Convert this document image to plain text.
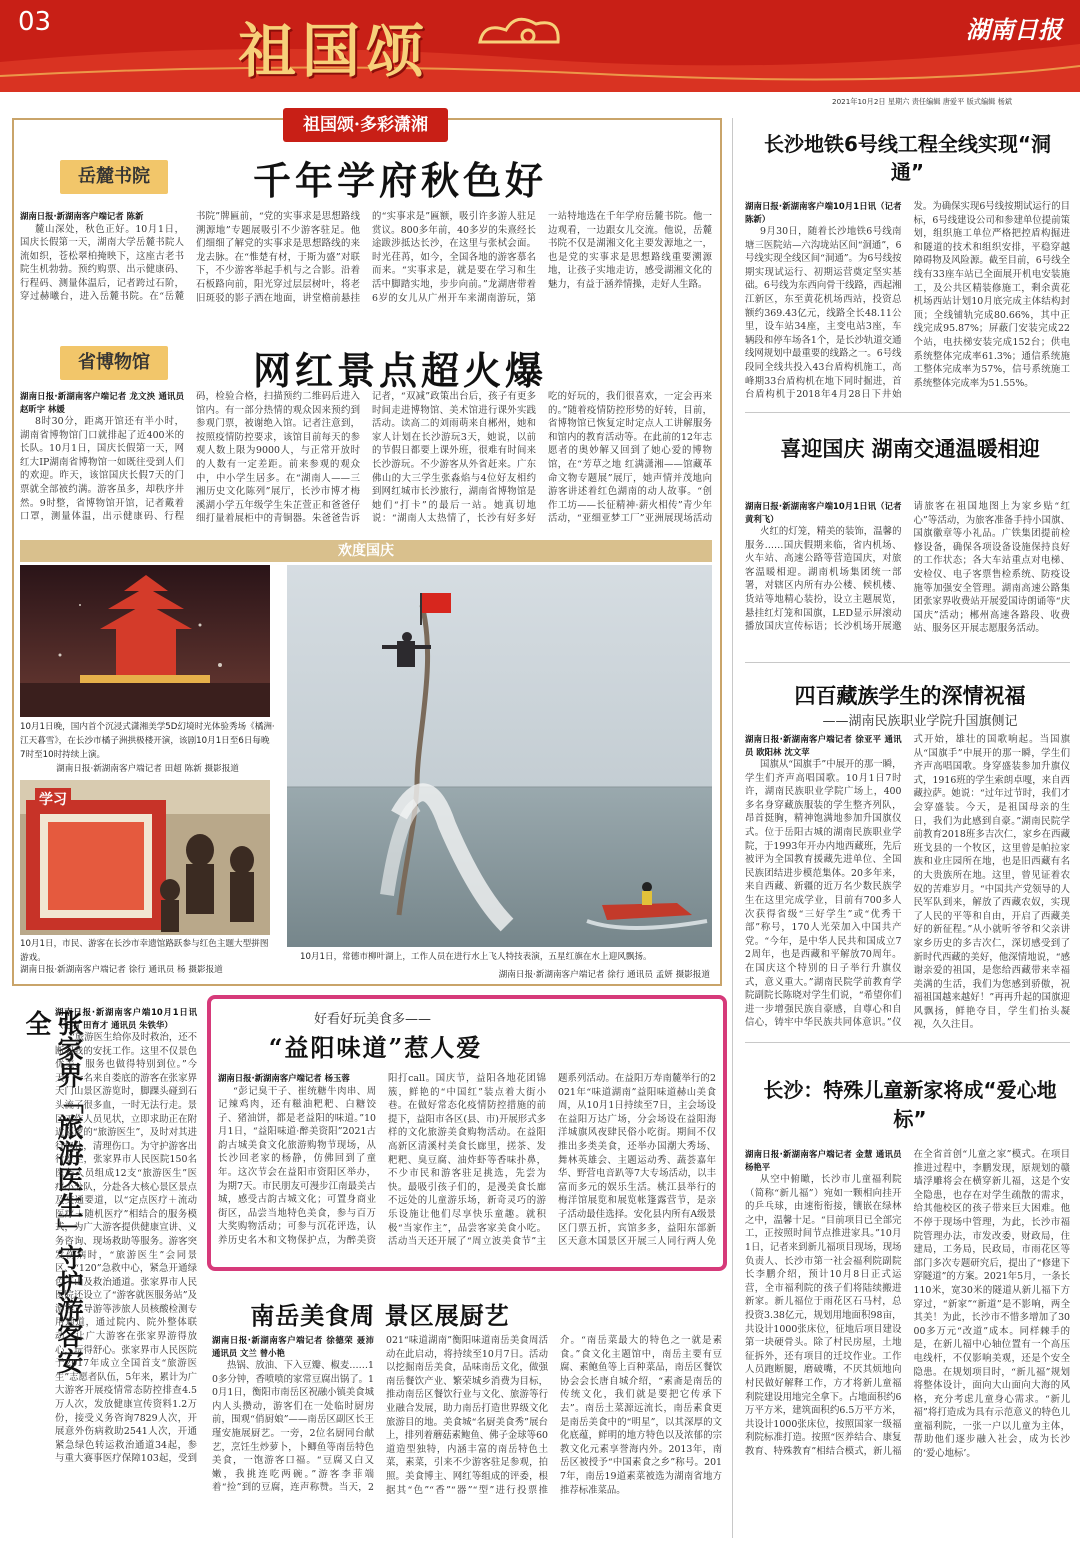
03	祖国颂	湖南日报
2021年10月2日 星期六 责任编辑 唐爱平 版式编辑 杨斌
祖国颂·多彩潇湘
岳麓书院	千年学府秋色好
湖南日报·新湖南客户端记者 陈新

麓山深处，秋色正好。10月1日，国庆长假第一天，湖南大学岳麓书院人流如织，苍松翠柏掩映下，这座古老书院生机勃勃。预约购票、出示健康码、行程码、测量体温后，记者跨过石阶，穿过赫曦台，进入岳麓书院。在“岳麓书院”牌匾前，“党的实事求是思想路线溯源地”专题展吸引不少游客驻足。他们细细了解党的实事求是思想路线的来龙去脉。在“惟楚有材，于斯为盛”对联下，不少游客举起手机与之合影。沿着石板路向前，阳光穿过层层树叶，将老旧斑驳的影子洒在地面，讲堂檐前悬挂的“实事求是”匾额，吸引许多游人驻足赏议。800多年前，40多岁的朱熹经长途跋涉抵达长沙，在这里与张栻会面。时光荏苒，如今，全国各地的游客慕名而来。“实事求是，就是要在学习和生活中脚踏实地，步步向前。”龙湖唐带着6岁的女儿从广州开车来湖南游玩，第一站特地选在千年学府岳麓书院。他一边观看，一边跟女儿交流。他说，岳麓书院不仅是湖湘文化主要发源地之一，也是党的实事求是思想路线重要溯源地，让孩子实地走访，感受湖湘文化的魅力，有益于涵养情操，走好人生路。

省博物馆	网红景点超火爆
湖南日报·新湖南客户端记者 龙文泱 通讯员 赵昕宇 林媛

8时30分，距离开馆还有半小时，湖南省博物馆门口就排起了近400米的长队。10月1日，国庆长假第一天，网红大IP湖南省博物馆一如既往受到人们的欢迎。昨天，该馆国庆长假7天的门票就全部被约满。游客虽多，却秩序井然。9时整，省博物馆开馆，记者戴着口罩，测量体温，出示健康码、行程码，检验合格，扫描预约二维码后进入馆内。有一部分热情的观众因来预约到参观门票，被谢绝入馆。记者注意到，按照疫情防控要求，该馆目前每天的参观人数上限为9000人，与正常开放时的人数有一定差距。前来参观的观众中，中小学生居多。在“湖南人——三湘历史文化陈列”展厅，长沙市博才梅溪湖小学五年级学生朱芷萱正和爸爸仔细打量着展柜中的青铜器。朱爸爸告诉记者，“双减”政策出台后，孩子有更多时间走进博物馆、美术馆进行课外实践活动。读高二的刘雨萌来自郴州，她和家人计划在长沙游玩3天，她说，以前的节假日都要上课外班，很难有时间来长沙游玩。不少游客从外省赶来。广东佛山的大三学生张淼焰与4位好友相约到网红城市长沙旅行，湖南省博物馆是她们“打卡”的最后一站。她真切地说：“湖南人太热情了，长沙有好多好吃的好玩的，我们很喜欢，一定会再来的。”随着疫情防控形势的好转，目前，省博物馆已恢复定时定点人工讲解服务和馆内的教育活动等。在此前的12年志愿者的奥妙解又回到了她心爱的博物馆，在“芳草之地 红满潇湘——馆藏革命文物专题展”展厅，她声情并茂地向游客讲述着红色湖南的动人故事。“创作工坊——长征精神·薪火相传”青少年活动，“亚细亚梦工厂”亚洲展现场活动

欢度国庆
10月1日晚，国内首个沉浸式潇湘美学5D幻境时光体验秀场《橘洲·江天暮雪》，在长沙市橘子洲拱极楼开演，该剧10月1日至6日每晚7时至10时持续上演。
湖南日报·新湖南客户端记者 田超 陈新 摄影报道
学习
10月1日，市民、游客在长沙市幸遗馆路跃参与红色主题大型拼图游戏。
湖南日报·新湖南客户端记者 徐行 通讯员 杨 摄影报道
10月1日，常德市柳叶湖上，工作人员在进行水上飞人特技表演，五星红旗在水上迎风飘扬。
湖南日报·新湖南客户端记者 徐行 通讯员 孟妍 摄影报道
张家界「旅游医生」守护游客安全 湖南日报·新湖南客户端10月1日讯（记者 田育才 通讯员 朱铁华）

“旅游医生给你及时救治，还不断叙我的安抚工作。这里不仅景色优美，服务也做得特别到位。”今天，一名来自娄底的游客在张家界天门山景区游览时，脚踝头碰到石头流了很多血，一时无法行走。景区工作人员见状，立即求助正在附近巡逻的“旅游医生”，及时对其进行包扎，清理伤口。为守护游客出行安全，张家界市人民医院150名医务人员组成12支“旅游医生”医疗小分队，分赴各大核心景区景点及交通要道，以“定点医疗＋流动医疗＋随机医疗”相结合的服务模式，为广大游客提供健康宣讲、义务咨询、现场救助等服务。游客突发伤病时，“旅游医生”会同景区、“120”急救中心，紧急开通绿色下山及救治通道。张家界市人民医院还设立了“游客就医服务站”及游客、导游等涉旅人员核酸检测专用通道，通过院内、院外整体联动，让广大游客在张家界游得放心，玩得舒心。张家界市人民医院于2017年成立全国首支“旅游医生”志愿者队伍，5年来，累计为广大游客开展疫情常态防控排查4.5万人次，发放健康宣传资料1.2万份，接受义务咨询7829人次，开展意外伤病救助2541人次，开通紧急绿色转运救治通道34起，参与重大赛事医疗保障103起，受到

好看好玩美食多——
“益阳味道”惹人爱
湖南日报·新湖南客户端记者 杨玉蓉

“彭记臭干子、崔统糖牛肉串、周记辣鸡肉，还有糍油粑粑、白糖饺子、猪油饼，都是老益阳的味道。”10月1日，“益阳味道·醉美资阳”2021古韵古城美食文化旅游购物节现场，从长沙回老家的杨静，仿佛回到了童年。这次节会在益阳市资阳区举办，为期7天。市民朋友可漫步江南最美古城，感受古韵古城文化；可置身商业街区，品尝当地特色美食，参与百万大奖购物活动；可参与沉花评选，认养历史名木和文物保护点，为醉美资阳打call。国庆节，益阳各地花团锦簇，鲜艳的“中国红”装点着大街小巷。在做好常态化疫情防控措施的前提下，益阳市各区(县、市)开展形式多样的文化旅游美食购物活动。在益阳高新区清溪村美食长廊里，搓茶、发粑粑、臭豆腐、油炸虾等香味扑鼻，不少市民和游客驻足挑选，先尝为快。最吸引孩子们的，是漫美食长廊不远处的儿童游乐场，新奇灵巧的游乐设施让他们尽享快乐童趣。就积极“当家作主”，品尝客家美食小吃。活动当天还开展了“周立波美食节”主题系列活动。在益阳万寿南麓举行的2021年“味道湖南”益阳味道赫山美食周，从10月1日持续至7日，主会场设在益阳万达广场，分会场设在益阳海洋城旗风夜肆民俗小吃街。期间不仅推出多类美食，还举办国潮大秀场、舞林英雄会、主题运动秀、蔬荟嘉年华、野营电音趴等7大专场活动，以丰富而多元的娱乐生活。桃江县举行的梅洋馆展览和展览帐篷露营节，是亲子活动最佳选择。安化县内所有A级景区门票五折，宾馆多多，益阳东部新区天意木国景区开展三人同行两人免

南岳美食周 景区展厨艺
湖南日报·新湖南客户端记者 徐德荣 聂沛 通讯员 文兰 曾小艳

热锅、放油、下入豆瓣、椒麦……10多分钟，香喷喷的家常豆腐出锅了。10月1日，衡阳市南岳区祝融小镇美食城内人头攒动，游客们在一处临时厨房前，围观“俏厨娘”——南岳区副区长王瑾安施展厨艺。一旁，2位名厨同台献艺，烹饪生炒萝卜，卜鲫鱼等南岳特色美食，一饱游客口福。“豆腐又白又嫩，我挑连吃两碗。”游客李菲端着“捡”到的豆腐，连声称赞。当天，2021“味道湖南”衡阳味道南岳美食周活动在此启动，将持续至10月7日。活动以挖掘南岳美食，品味南岳文化，做强南岳餐饮产业、繁荣城乡消费为目标，推动南岳区餐饮行业与文化、旅游等行业融合发展，助力南岳打造世界级文化旅游目的地。美食城“名厨美食秀”展台上，排列着蘑菇素鲍鱼、佛子金球等60道造型独特，内涵丰富的南岳特色土菜，素菜，引来不少游客驻足参观，拍照。美食博主、网红等组成的评委，根据其“色”“香”“器”“型”进行投票推介。“南岳菜最大的特色之一就是素食。”食文化主题馆中，南岳主要有豆腐、素鲍鱼等上百种菜品，南岳区餐饮协会会长唐自城介绍，“素斋是南岳的传统文化，我们就是要把它传承下去”。南岳土菜源远流长，南岳素食更是南岳美食中的“明星”，以其深厚的文化底蕴，鲜明的地方特色以及浓郁的宗教文化元素享誉海内外。2013年，南岳区被授予“中国素食之乡”称号。2017年，南岳19道素菜被选为湖南省地方推荐标准菜品。

长沙地铁6号线工程全线实现“洞通”
湖南日报·新湖南客户端10月1日讯（记者 陈新）

9月30日，随着长沙地铁6号线南塘三医院站—六沟垅站区间“洞通”，6号线实现全线区间“洞通”。为6号线按期实现试运行、初期运营奠定坚实基础。6号线为东西向骨干线路，西起湘江新区，东至黄花机场西站，投资总额约369.43亿元，线路全长48.11公里，设车站34座，主变电站3座，车辆段和停车场各1个，是长沙轨道交通线网规划中最重要的线路之一。6号线段同全线共投入43台盾构机施工，高峰期33台盾构机在地下同时掘进，首台盾构机于2018年4月28日下井始发。为确保实现6号线按期试运行的目标，6号线建设公司和参建单位提前策划，组织施工单位严格把控盾构掘进和隧道的技术和组织安排，平稳穿越障碍物及风险源。截至目前，6号线全线有33座车站已全面展开机电安装施工，及公共区精装修施工，剩余黄花机场西站计划10月底完成主体结构封顶；全线铺轨完成80.66%，其中正线完成95.87%；屏蔽门安装完成22个站，电扶梯安装完成152台；供电系统整体完成率61.3%；通信系统施工整体完成率为57%，信号系统施工系统整体完成率为51.55%。

喜迎国庆 湖南交通温暖相迎
湖南日报·新湖南客户端10月1日讯（记者 黄利飞）

火红的灯笼，精美的装饰，温馨的服务……国庆假期来临，省内机场、火车站、高速公路等营造国庆，对旅客温暖相迎。湖南机场集团统一部署，对辖区内所有办公楼、候机楼、货站等地精心装扮，设立主题展览，悬挂红灯笼和国旗，LED显示屏滚动播放国庆宣传标语；长沙机场开展邀请旅客在祖国地图上为家乡贴“红心”等活动，为旅客准备手持小国旗、国旗徽章等小礼品。广铁集团提前检修设备，确保各项设备设施保持良好的工作状态；各大车站重点对电梯、安检仪、电子客票售检系统、防疫设施等加强安全管理。湖南高速公路集团张家界收费站开展爱国诗朗诵等“庆国庆”活动；郴州高速各路段、收费站、服务区开展志愿服务活动。

四百藏族学生的深情祝福
——湖南民族职业学院升国旗侧记
湖南日报·新湖南客户端记者 徐亚平 通讯员 欧阳林 沈文苹

国旗从“国旗手”中展开的那一瞬，学生们齐声高唱国歌。10月1日7时许，湖南民族职业学院广场上，400多名身穿藏族服装的学生整齐列队，昂首挺胸，精神饱满地参加升国旗仪式。位于岳阳古城的湖南民族职业学院，于1993年开办内地西藏班，先后被评为全国教育援藏先进单位、全国民族团结进步模范集体。20多年来，来自西藏、新疆的近万名少数民族学生在这里完成学业，目前有700多人次获得省级“三好学生”或“优秀干部”称号，170人光荣加入中国共产党。“今年，是中华人民共和国成立72周年，也是西藏和平解放70周年。在国庆这个特别的日子举行升旗仪式，意义重大。”湖南民院学前教育学院副院长陈晓对学生们说，“希望你们进一步增强民族自豪感，自尊心和自信心，铸牢中华民族共同体意识。”仪式开始，雄壮的国歌响起。当国旗从“国旗手”中展开的那一瞬，学生们齐声高唱国歌。身穿盛装参加升旗仪式，1916班的学生索朗卓嘎，来自西藏拉萨。她说：“过年过节时，我们才会穿盛装。今天，是祖国母亲的生日，我们为此感到自豪。”湖南民院学前教育2018班多吉次仁，家乡在西藏班戈县的一个牧区，这里曾是帕拉家族和业庄园所在地，也是旧西藏有名的大贵族所在地。这里，曾见证着农奴的苦难岁月。“中国共产党领导的人民军队到来，解放了西藏农奴，实现了人民的平等和自由，开启了西藏美好的新征程。”从小就听爷爷和父亲讲家乡历史的多吉次仁，深切感受到了新时代西藏的美好，他深情地说，“感谢亲爱的祖国，是您给西藏带来幸福美满的生活，我们为您感到骄傲，祝福祖国越来越好！”再再升起的国旗迎风飘扬，鲜艳夺目，学生们抬头凝视，久久注目。

长沙：特殊儿童新家将成“爱心地标”
湖南日报·新湖南客户端记者 金慧 通讯员 杨艳平

从空中俯瞰，长沙市儿童福利院（简称“新儿福”）宛如一颗相向挂开的乒乓球，由速衔衔接，镶嵌在绿林之中，温馨十足。“目前项目已全部完工，正按照时间节点推进家具。”10月1日，记者来到新儿福项目现场，现场负责人、长沙市第一社会福利院副院长李鹏介绍，预计10月8日正式运营，全市福利院的孩子们将陆续搬进新家。新儿福位于雨花区石马村，总投资3.38亿元，规划用地面积98亩，共设计1000张床位，征地后项目建设第一块硬骨头。除了村民房屋，土地征拆外，还有项目的迁坟作业。工作人员跑断腿，磨破嘴，不厌其烦地向村民做好解释工作，方才将新儿童福利院建设用地完全拿下。占地面积约6万平方米，建筑面积约6.5万平方米，共设计1000张床位，按照国家一级福利院标准打造。按照“医养结合、康复教育、特殊教育”相结合模式，新儿福在全省首创“儿童之家”模式。在项目推进过程中，李鹏发现，原规划的赣墙浮雕将会在横穿新儿福，这是个安全隐患，也存在对学生疏散的需求，给其他校区的孩子带来巨大困难。他不停于现场中管理，为此，长沙市福院管理办法，市发改委，财政局，住建局，工务局，民政局，市雨花区等部门多次专题研究后，提出了“修建下穿隧道”的方案。2021年5月，一条长110米，宽30米的隧道从新儿福下方穿过，“新家”“新道”是不影响，两全其美！为此，长沙市不惜多增加了3000多万元“改道”成本。同样棘手的是，在新儿福中心轴位置有一个高压电线杆，不仅影响美观，还是个安全隐患。在规划项目时，“新儿福”规划将整体设计，面向大山面向大海的风格，充分考虑儿童身心需求。“新儿福”将打造成为具有示范意义的特色儿童福利院，一张一户以儿童为主体，帮助他们逐步融入社会，成为长沙的‘爱心地标’。
